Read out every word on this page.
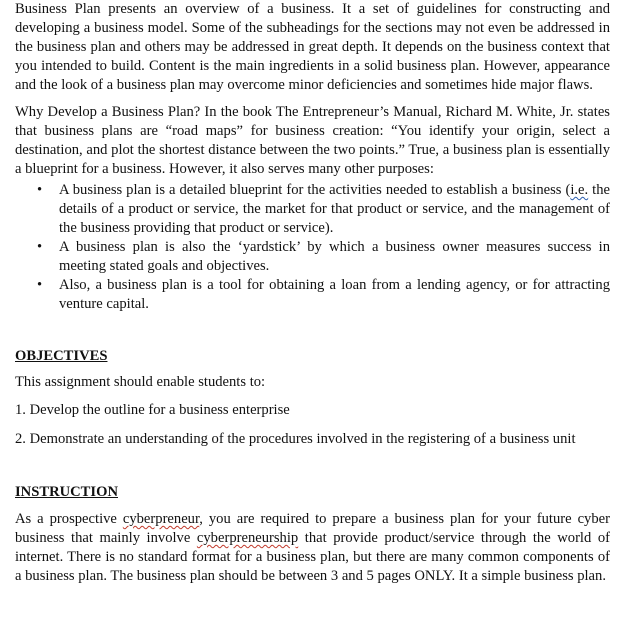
Business Plan presents an overview of a business. It a set of guidelines for constructing and developing a business model. Some of the subheadings for the sections may not even be addressed in the business plan and others may be addressed in great depth. It depends on the business context that you intended to build. Content is the main ingredients in a solid business plan. However, appearance and the look of a business plan may overcome minor deficiencies and sometimes hide major flaws.

Why Develop a Business Plan? In the book The Entrepreneur’s Manual, Richard M. White, Jr. states that business plans are “road maps” for business creation: “You identify your origin, select a destination, and plot the shortest distance between the two points.” True, a business plan is essentially a blueprint for a business. However, it also serves many other purposes:

• A business plan is a detailed blueprint for the activities needed to establish a business (i.e. the details of a product or service, the market for that product or service, and the management of the business providing that product or service).
• A business plan is also the ‘yardstick’ by which a business owner measures success in meeting stated goals and objectives.
• Also, a business plan is a tool for obtaining a loan from a lending agency, or for attracting venture capital.

OBJECTIVES

This assignment should enable students to:

1. Develop the outline for a business enterprise

2. Demonstrate an understanding of the procedures involved in the registering of a business unit

INSTRUCTION

As a prospective cyberpreneur, you are required to prepare a business plan for your future cyber business that mainly involve cyberpreneurship that provide product/service through the world of internet. There is no standard format for a business plan, but there are many common components of a business plan. The business plan should be between 3 and 5 pages ONLY. It a simple business plan.
